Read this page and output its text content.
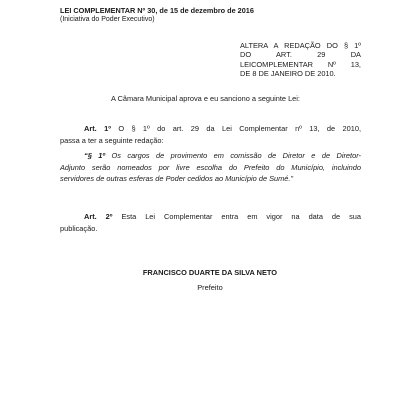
LEI COMPLEMENTAR Nº 30, de 15 de dezembro de 2016
(Iniciativa do Poder Executivo)
ALTERA A REDAÇÃO DO § 1º
DO ART. 29 DA
LEICOMPLEMENTAR Nº 13,
DE 8 DE JANEIRO DE 2010.
A Câmara Municipal aprova e eu sanciono a seguinte Lei:
Art. 1º O § 1º do art. 29 da Lei Complementar nº 13, de 2010,
passa a ter a seguinte redação:
“§ 1º Os cargos de provimento em comissão de Diretor e de Diretor-
Adjunto serão nomeados por livre escolha do Prefeito do Município, incluindo
servidores de outras esferas de Poder cedidos ao Município de Sumé.”
Art. 2º Esta Lei Complementar entra em vigor na data de sua
publicação.
FRANCISCO DUARTE DA SILVA NETO
Prefeito
